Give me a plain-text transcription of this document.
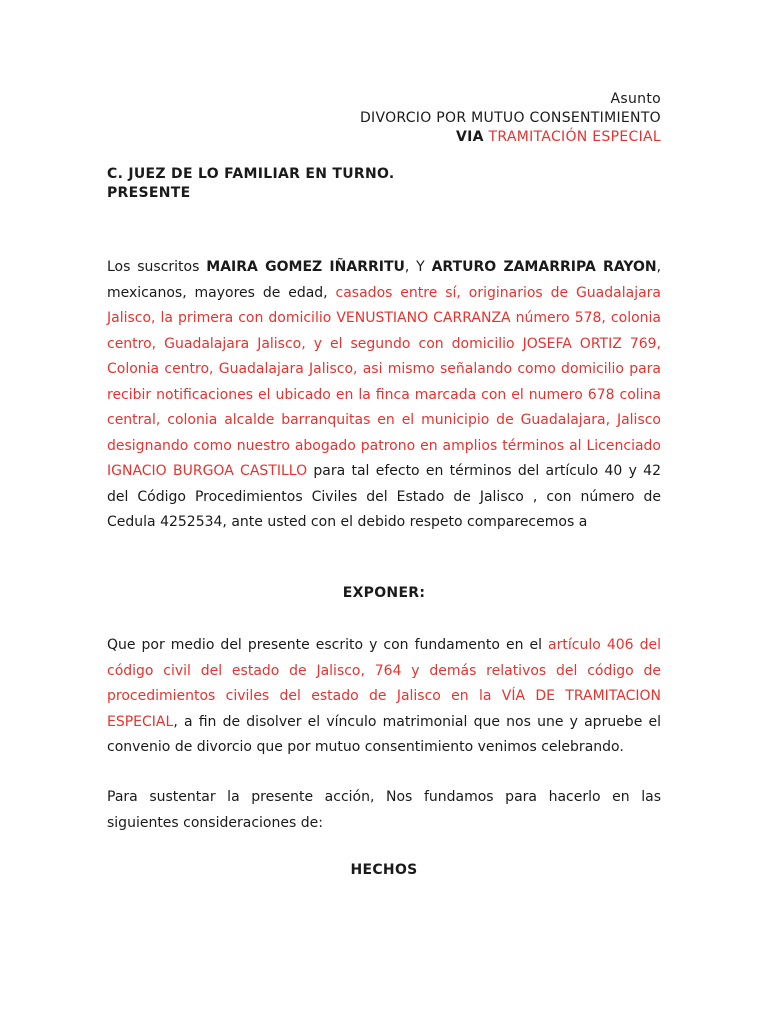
Asunto
DIVORCIO POR MUTUO CONSENTIMIENTO
VIA TRAMITACIÓN ESPECIAL
C. JUEZ DE LO FAMILIAR EN TURNO.
PRESENTE
Los suscritos MAIRA GOMEZ IÑARRITU, Y ARTURO ZAMARRIPA RAYON, mexicanos, mayores de edad, casados entre sí, originarios de Guadalajara Jalisco, la primera con domicilio VENUSTIANO CARRANZA número 578, colonia centro, Guadalajara Jalisco, y el segundo con domicilio JOSEFA ORTIZ 769, Colonia centro, Guadalajara Jalisco, asi mismo señalando como domicilio para recibir notificaciones el ubicado en la finca marcada con el numero 678 colina central, colonia alcalde barranquitas en el municipio de Guadalajara, Jalisco designando como nuestro abogado patrono en amplios términos al Licenciado IGNACIO BURGOA CASTILLO para tal efecto en términos del artículo 40 y 42 del Código Procedimientos Civiles del Estado de Jalisco , con número de Cedula 4252534, ante usted con el debido respeto comparecemos a
EXPONER:
Que por medio del presente escrito y con fundamento en el artículo 406 del código civil del estado de Jalisco, 764 y demás relativos del código de procedimientos civiles del estado de Jalisco en la VÍA DE TRAMITACION ESPECIAL, a fin de disolver el vínculo matrimonial que nos une y apruebe el convenio de divorcio que por mutuo consentimiento venimos celebrando.
Para sustentar la presente acción, Nos fundamos para hacerlo en las siguientes consideraciones de:
HECHOS
